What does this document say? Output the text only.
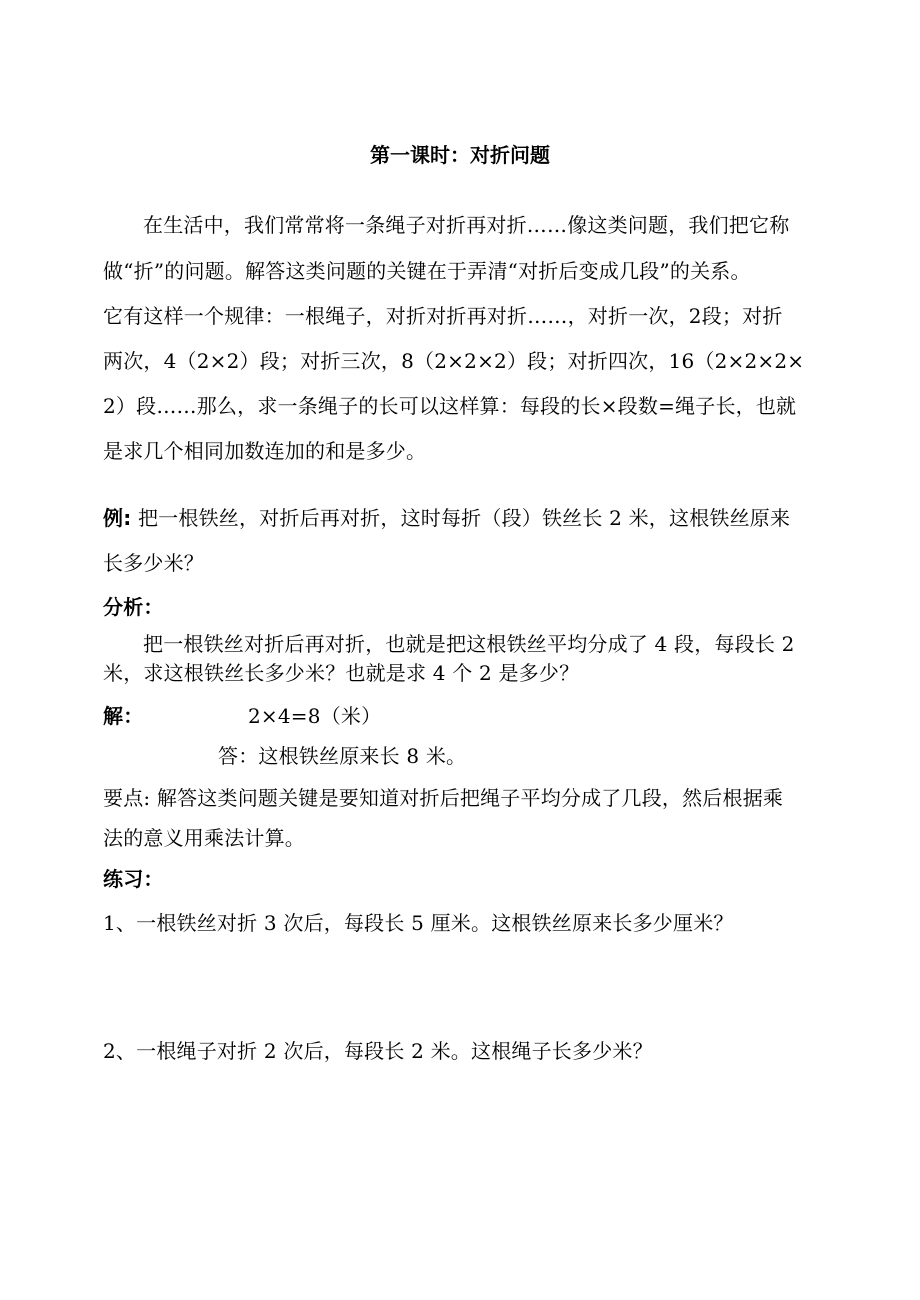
第一课时：对折问题
在生活中，我们常常将一条绳子对折再对折……像这类问题，我们把它称
做“折”的问题。解答这类问题的关键在于弄清“对折后变成几段”的关系。
它有这样一个规律：一根绳子，对折对折再对折……，对折一次，2段；对折
两次，4（2×2）段；对折三次，8（2×2×2）段；对折四次，16（2×2×2×
2）段……那么，求一条绳子的长可以这样算：每段的长×段数=绳子长，也就
是求几个相同加数连加的和是多少。
例: 把一根铁丝，对折后再对折，这时每折（段）铁丝长 2 米，这根铁丝原来
长多少米？
分析：
把一根铁丝对折后再对折，也就是把这根铁丝平均分成了 4 段，每段长 2
米，求这根铁丝长多少米？也就是求 4 个 2 是多少？
解：	2×4=8（米）
答：这根铁丝原来长 8 米。
要点: 解答这类问题关键是要知道对折后把绳子平均分成了几段，然后根据乘
法的意义用乘法计算。
练习：
1、一根铁丝对折 3 次后，每段长 5 厘米。这根铁丝原来长多少厘米？
2、一根绳子对折 2 次后，每段长 2 米。这根绳子长多少米？
